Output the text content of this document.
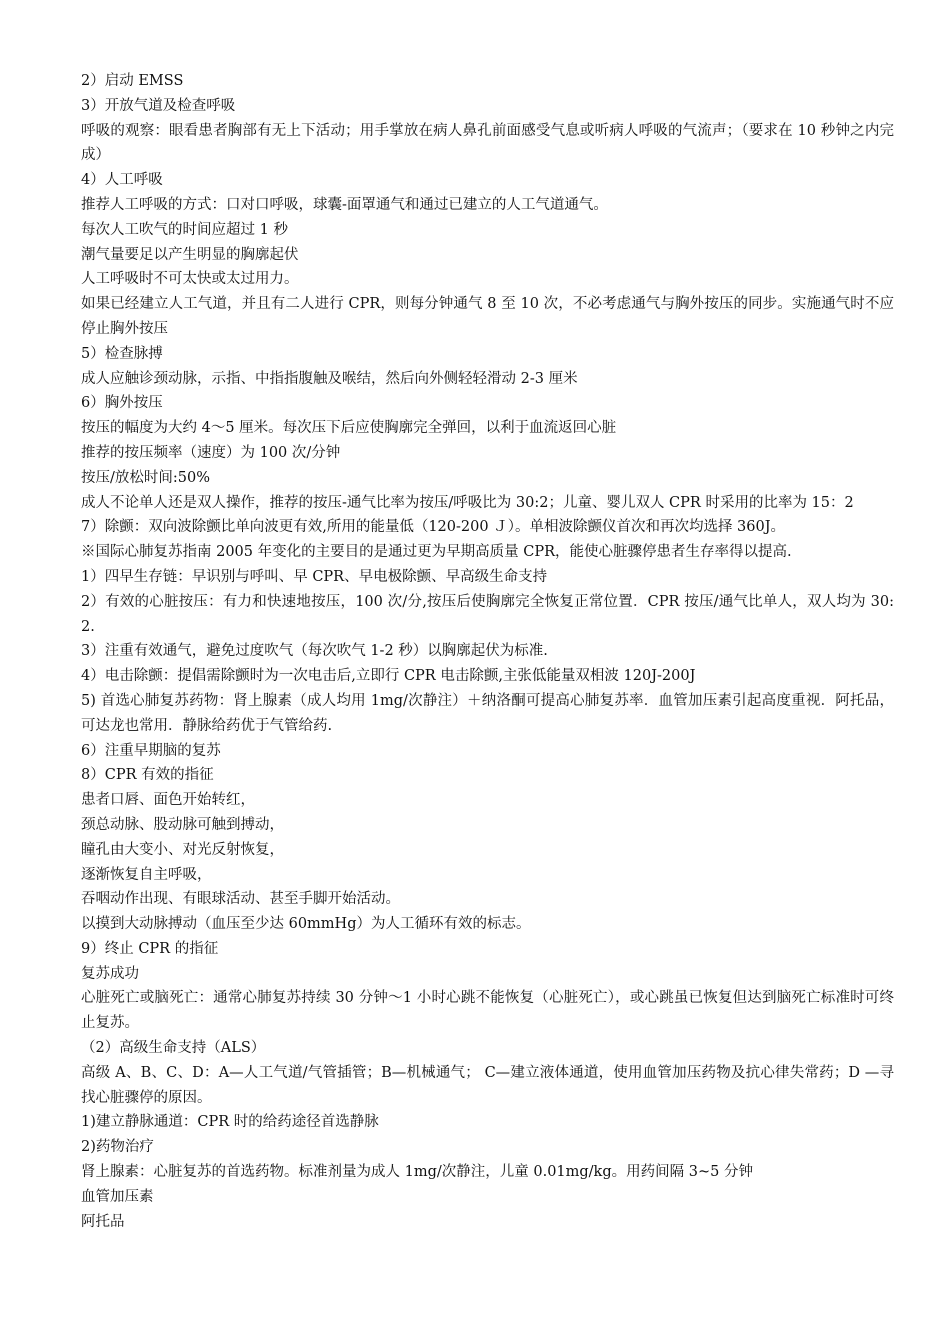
2）启动 EMSS

3）开放气道及检查呼吸

呼吸的观察：眼看患者胸部有无上下活动；用手掌放在病人鼻孔前面感受气息或听病人呼吸的气流声；（要求在 10 秒钟之内完成）

4）人工呼吸

推荐人工呼吸的方式：口对口呼吸，球囊-面罩通气和通过已建立的人工气道通气。

每次人工吹气的时间应超过 1 秒

潮气量要足以产生明显的胸廓起伏

人工呼吸时不可太快或太过用力。

如果已经建立人工气道，并且有二人进行 CPR，则每分钟通气 8 至 10 次，不必考虑通气与胸外按压的同步。实施通气时不应停止胸外按压

5）检查脉搏

成人应触诊颈动脉，示指、中指指腹触及喉结，然后向外侧轻轻滑动 2-3 厘米

6）胸外按压

按压的幅度为大约 4～5 厘米。每次压下后应使胸廓完全弹回，以利于血流返回心脏

推荐的按压频率（速度）为 100 次/分钟

按压/放松时间:50%

成人不论单人还是双人操作，推荐的按压-通气比率为按压/呼吸比为 30:2；儿童、婴儿双人 CPR 时采用的比率为 15：2

7）除颤：双向波除颤比单向波更有效,所用的能量低（120-200 Ｊ）。单相波除颤仪首次和再次均选择 360J。

※国际心肺复苏指南 2005 年变化的主要目的是通过更为早期高质量 CPR，能使心脏骤停患者生存率得以提高.

1）四早生存链：早识别与呼叫、早 CPR、早电极除颤、早高级生命支持

2）有效的心脏按压：有力和快速地按压，100 次/分,按压后使胸廓完全恢复正常位置．CPR 按压/通气比单人，双人均为 30:2.

3）注重有效通气，避免过度吹气（每次吹气 1-2 秒）以胸廓起伏为标准.

4）电击除颤：提倡需除颤时为一次电击后,立即行 CPR 电击除颤,主张低能量双相波 120J-200J

5) 首选心肺复苏药物：肾上腺素（成人均用 1mg/次静注）＋纳洛酮可提高心肺复苏率．血管加压素引起高度重视．阿托品，可达龙也常用．静脉给药优于气管给药.

6）注重早期脑的复苏

8）CPR 有效的指征

患者口唇、面色开始转红，

颈总动脉、股动脉可触到搏动，

瞳孔由大变小、对光反射恢复，

逐渐恢复自主呼吸，

吞咽动作出现、有眼球活动、甚至手脚开始活动。

以摸到大动脉搏动（血压至少达 60mmHg）为人工循环有效的标志。

9）终止 CPR 的指征

复苏成功

心脏死亡或脑死亡：通常心肺复苏持续 30 分钟～1 小时心跳不能恢复（心脏死亡），或心跳虽已恢复但达到脑死亡标准时可终止复苏。

（2）高级生命支持（ALS）

高级 A、B、C、D：A—人工气道/气管插管；B—机械通气； C—建立液体通道，使用血管加压药物及抗心律失常药；D —寻找心脏骤停的原因。

1)建立静脉通道：CPR 时的给药途径首选静脉

2)药物治疗

肾上腺素：心脏复苏的首选药物。标准剂量为成人 1mg/次静注，儿童 0.01mg/kg。用药间隔 3~5 分钟

血管加压素

阿托品
